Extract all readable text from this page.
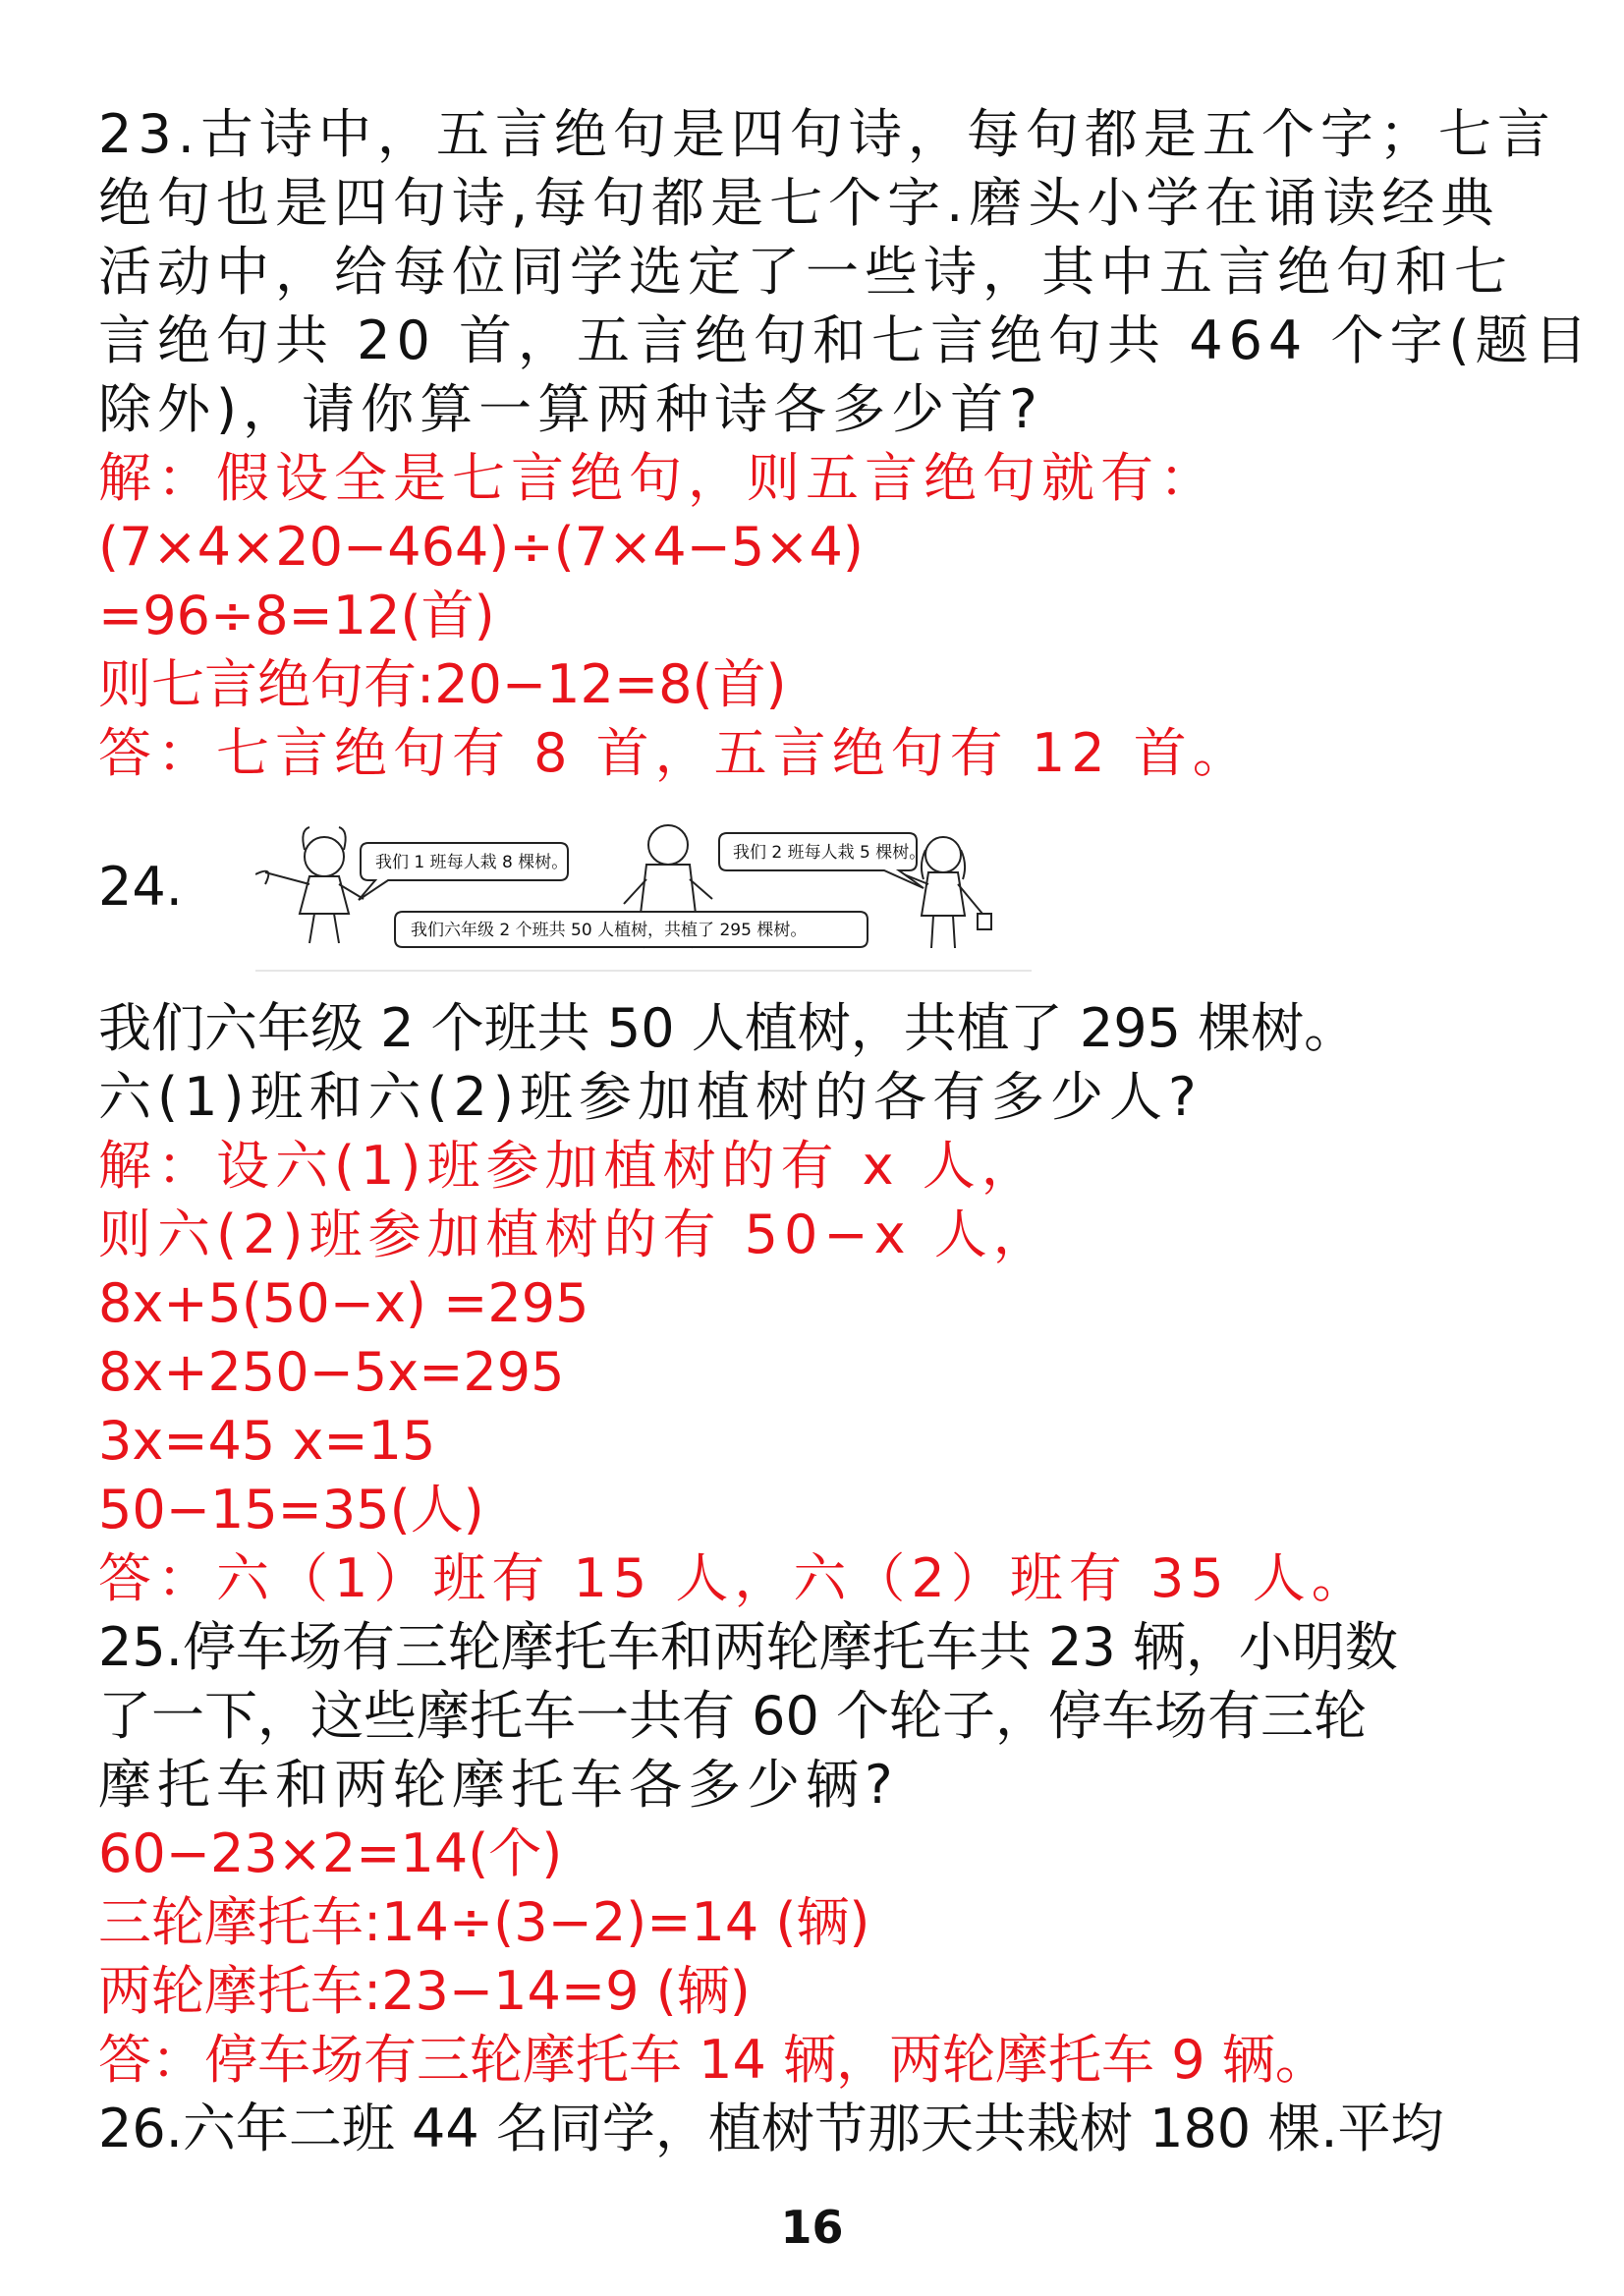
23.古诗中，五言绝句是四句诗，每句都是五个字；七言
绝句也是四句诗,每句都是七个字.磨头小学在诵读经典
活动中，给每位同学选定了一些诗，其中五言绝句和七
言绝句共 20 首，五言绝句和七言绝句共 464 个字(题目
除外)，请你算一算两种诗各多少首?
解：假设全是七言绝句，则五言绝句就有：
(7×4×20−464)÷(7×4−5×4)
=96÷8=12(首)
则七言绝句有:20−12=8(首)
答：七言绝句有 8 首，五言绝句有 12 首。
24.	我们 1 班每人栽 8 棵树。	我们 2 班每人栽 5 棵树。
我们六年级 2 个班共 50 人植树，共植了 295 棵树。
我们六年级 2 个班共 50 人植树，共植了 295 棵树。
六(1)班和六(2)班参加植树的各有多少人?
解：设六(1)班参加植树的有 x 人，
则六(2)班参加植树的有 50−x 人，
8x+5(50−x) =295
8x+250−5x=295
3x=45 x=15
50−15=35(人)
答：六（1）班有 15 人，六（2）班有 35 人。
25.停车场有三轮摩托车和两轮摩托车共 23 辆，小明数
了一下，这些摩托车一共有 60 个轮子，停车场有三轮
摩托车和两轮摩托车各多少辆?
60−23×2=14(个)
三轮摩托车:14÷(3−2)=14 (辆)
两轮摩托车:23−14=9 (辆)
答：停车场有三轮摩托车 14 辆，两轮摩托车 9 辆。
26.六年二班 44 名同学，植树节那天共栽树 180 棵.平均
16
